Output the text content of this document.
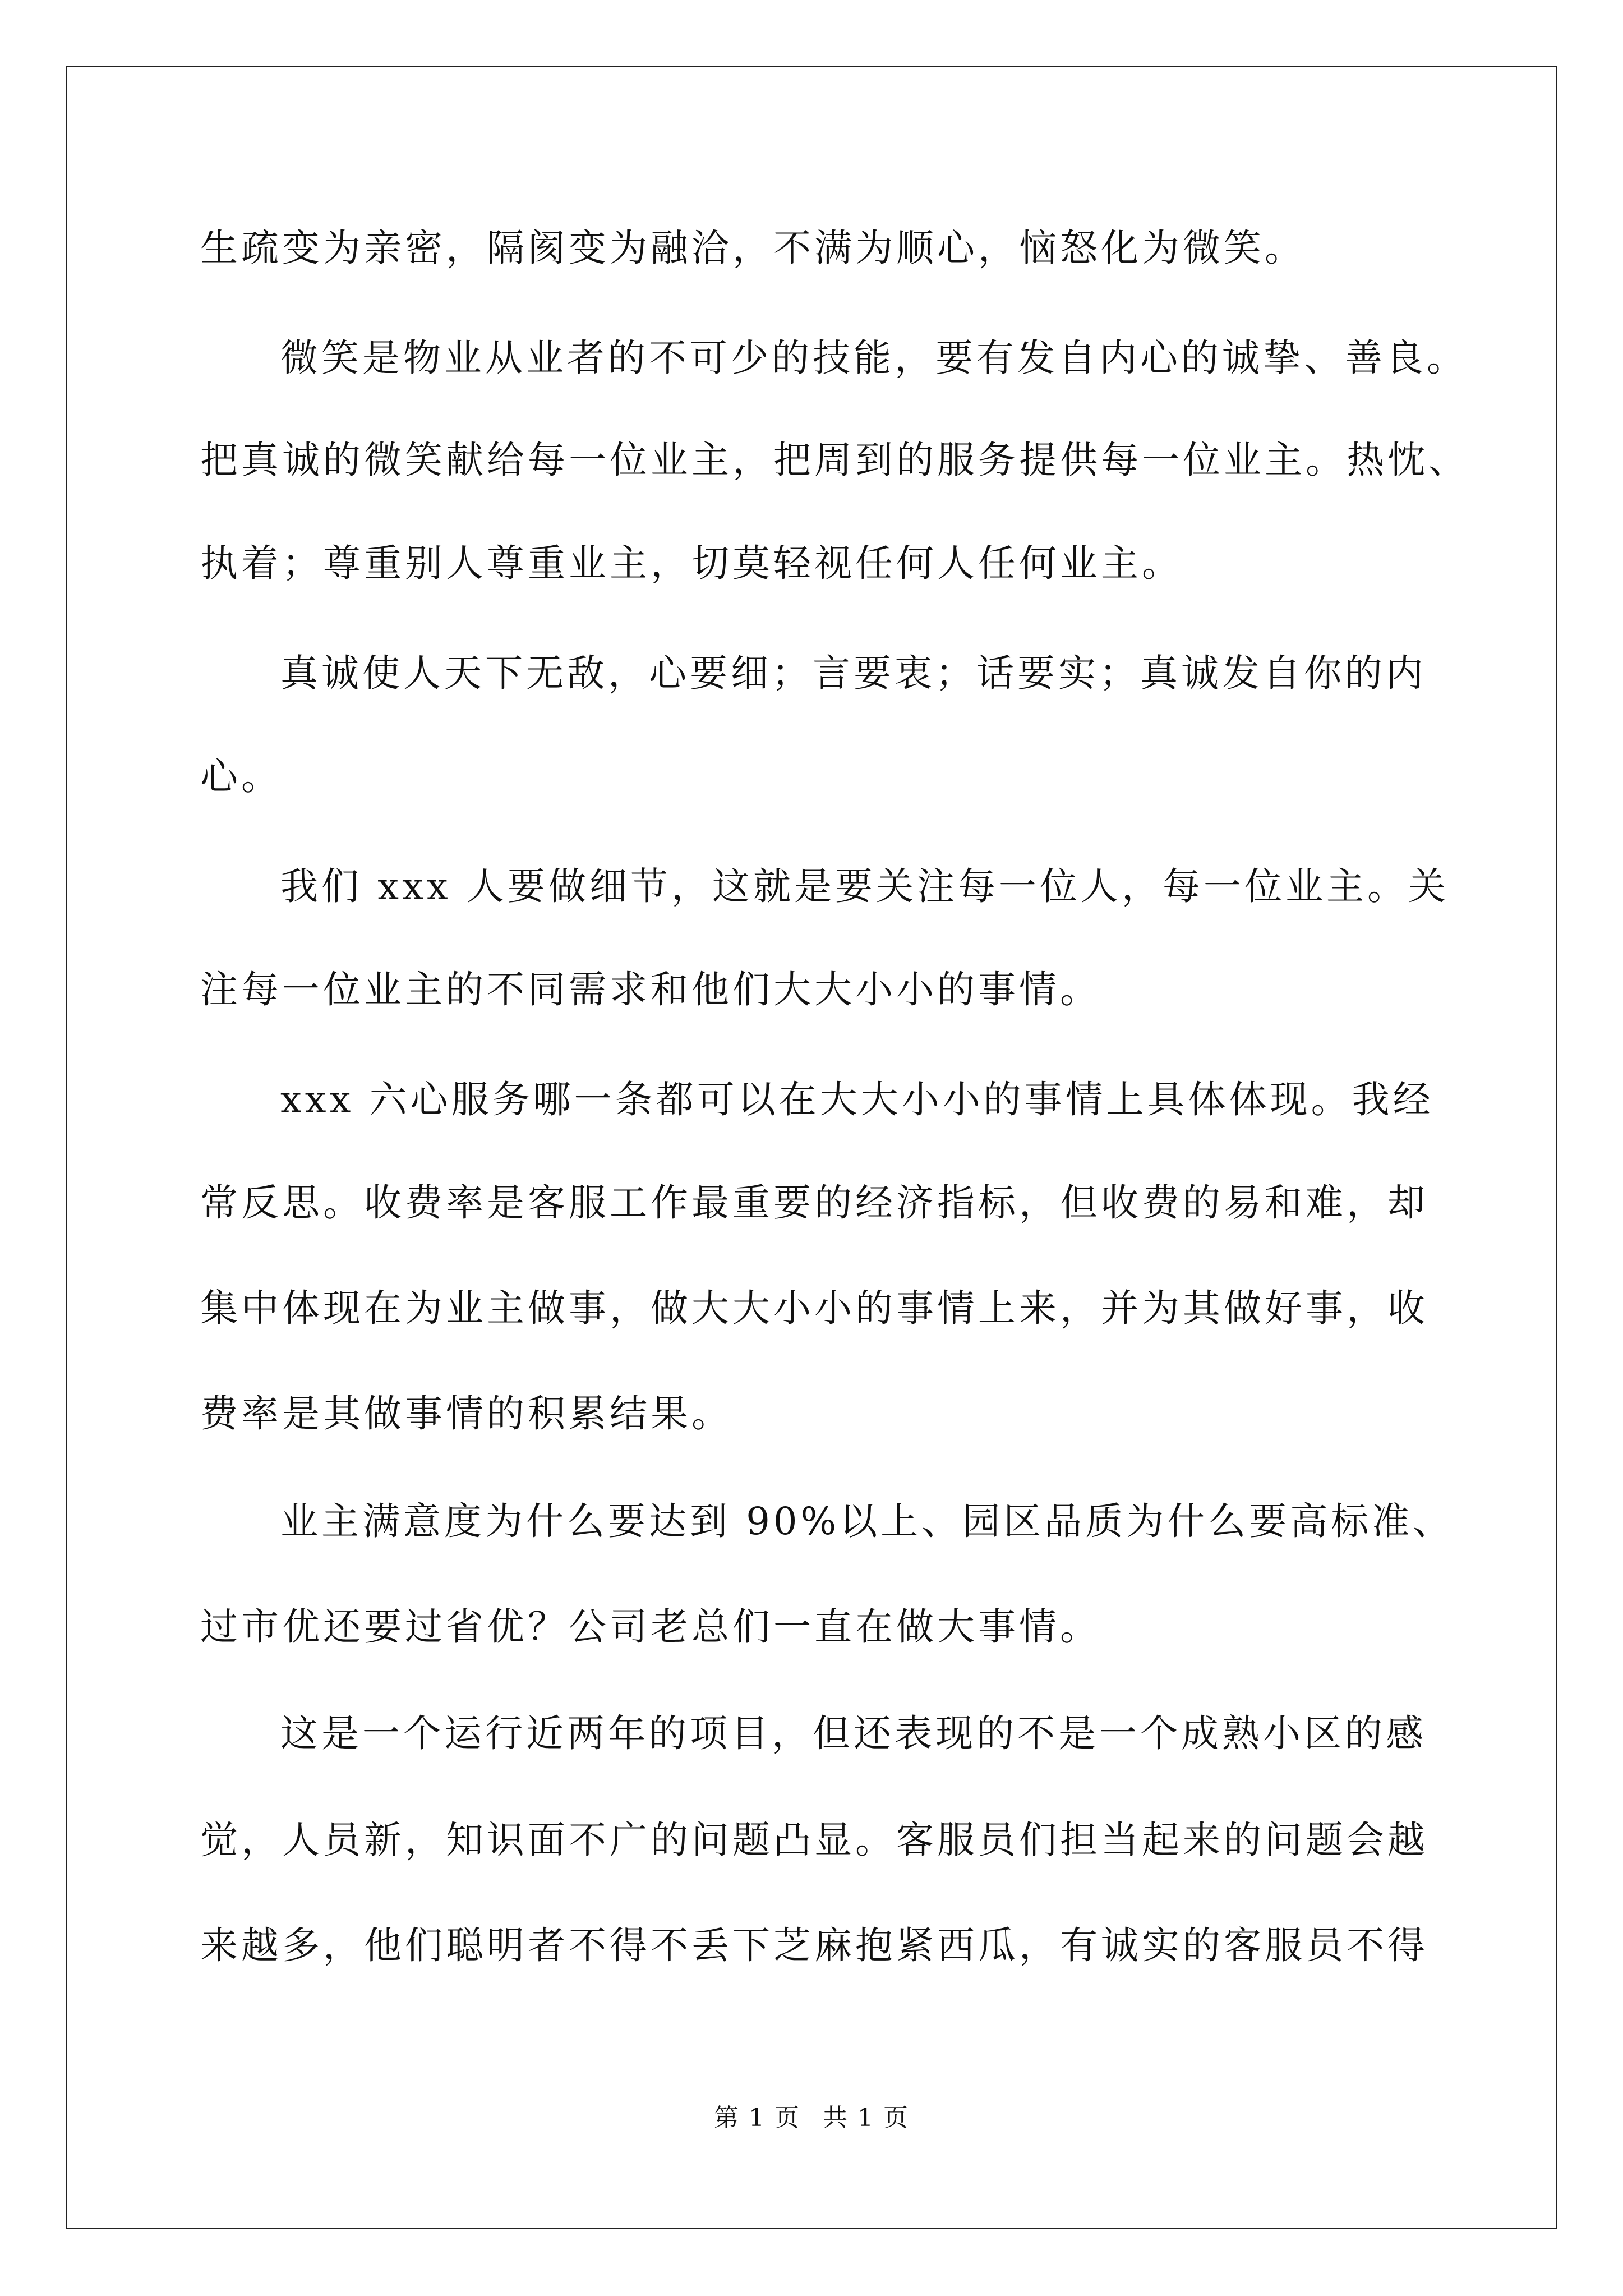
生疏变为亲密，隔阂变为融洽，不满为顺心，恼怒化为微笑。
微笑是物业从业者的不可少的技能，要有发自内心的诚挚、善良。
把真诚的微笑献给每一位业主，把周到的服务提供每一位业主。热忱、
执着；尊重别人尊重业主，切莫轻视任何人任何业主。
真诚使人天下无敌，心要细；言要衷；话要实；真诚发自你的内
心。
我们 xxx 人要做细节，这就是要关注每一位人，每一位业主。关
注每一位业主的不同需求和他们大大小小的事情。
xxx 六心服务哪一条都可以在大大小小的事情上具体体现。我经
常反思。收费率是客服工作最重要的经济指标，但收费的易和难，却
集中体现在为业主做事，做大大小小的事情上来，并为其做好事，收
费率是其做事情的积累结果。
业主满意度为什么要达到 90%以上、园区品质为什么要高标准、
过市优还要过省优？公司老总们一直在做大事情。
这是一个运行近两年的项目，但还表现的不是一个成熟小区的感
觉，人员新，知识面不广的问题凸显。客服员们担当起来的问题会越
来越多，他们聪明者不得不丢下芝麻抱紧西瓜，有诚实的客服员不得
第 1 页 共 1 页
